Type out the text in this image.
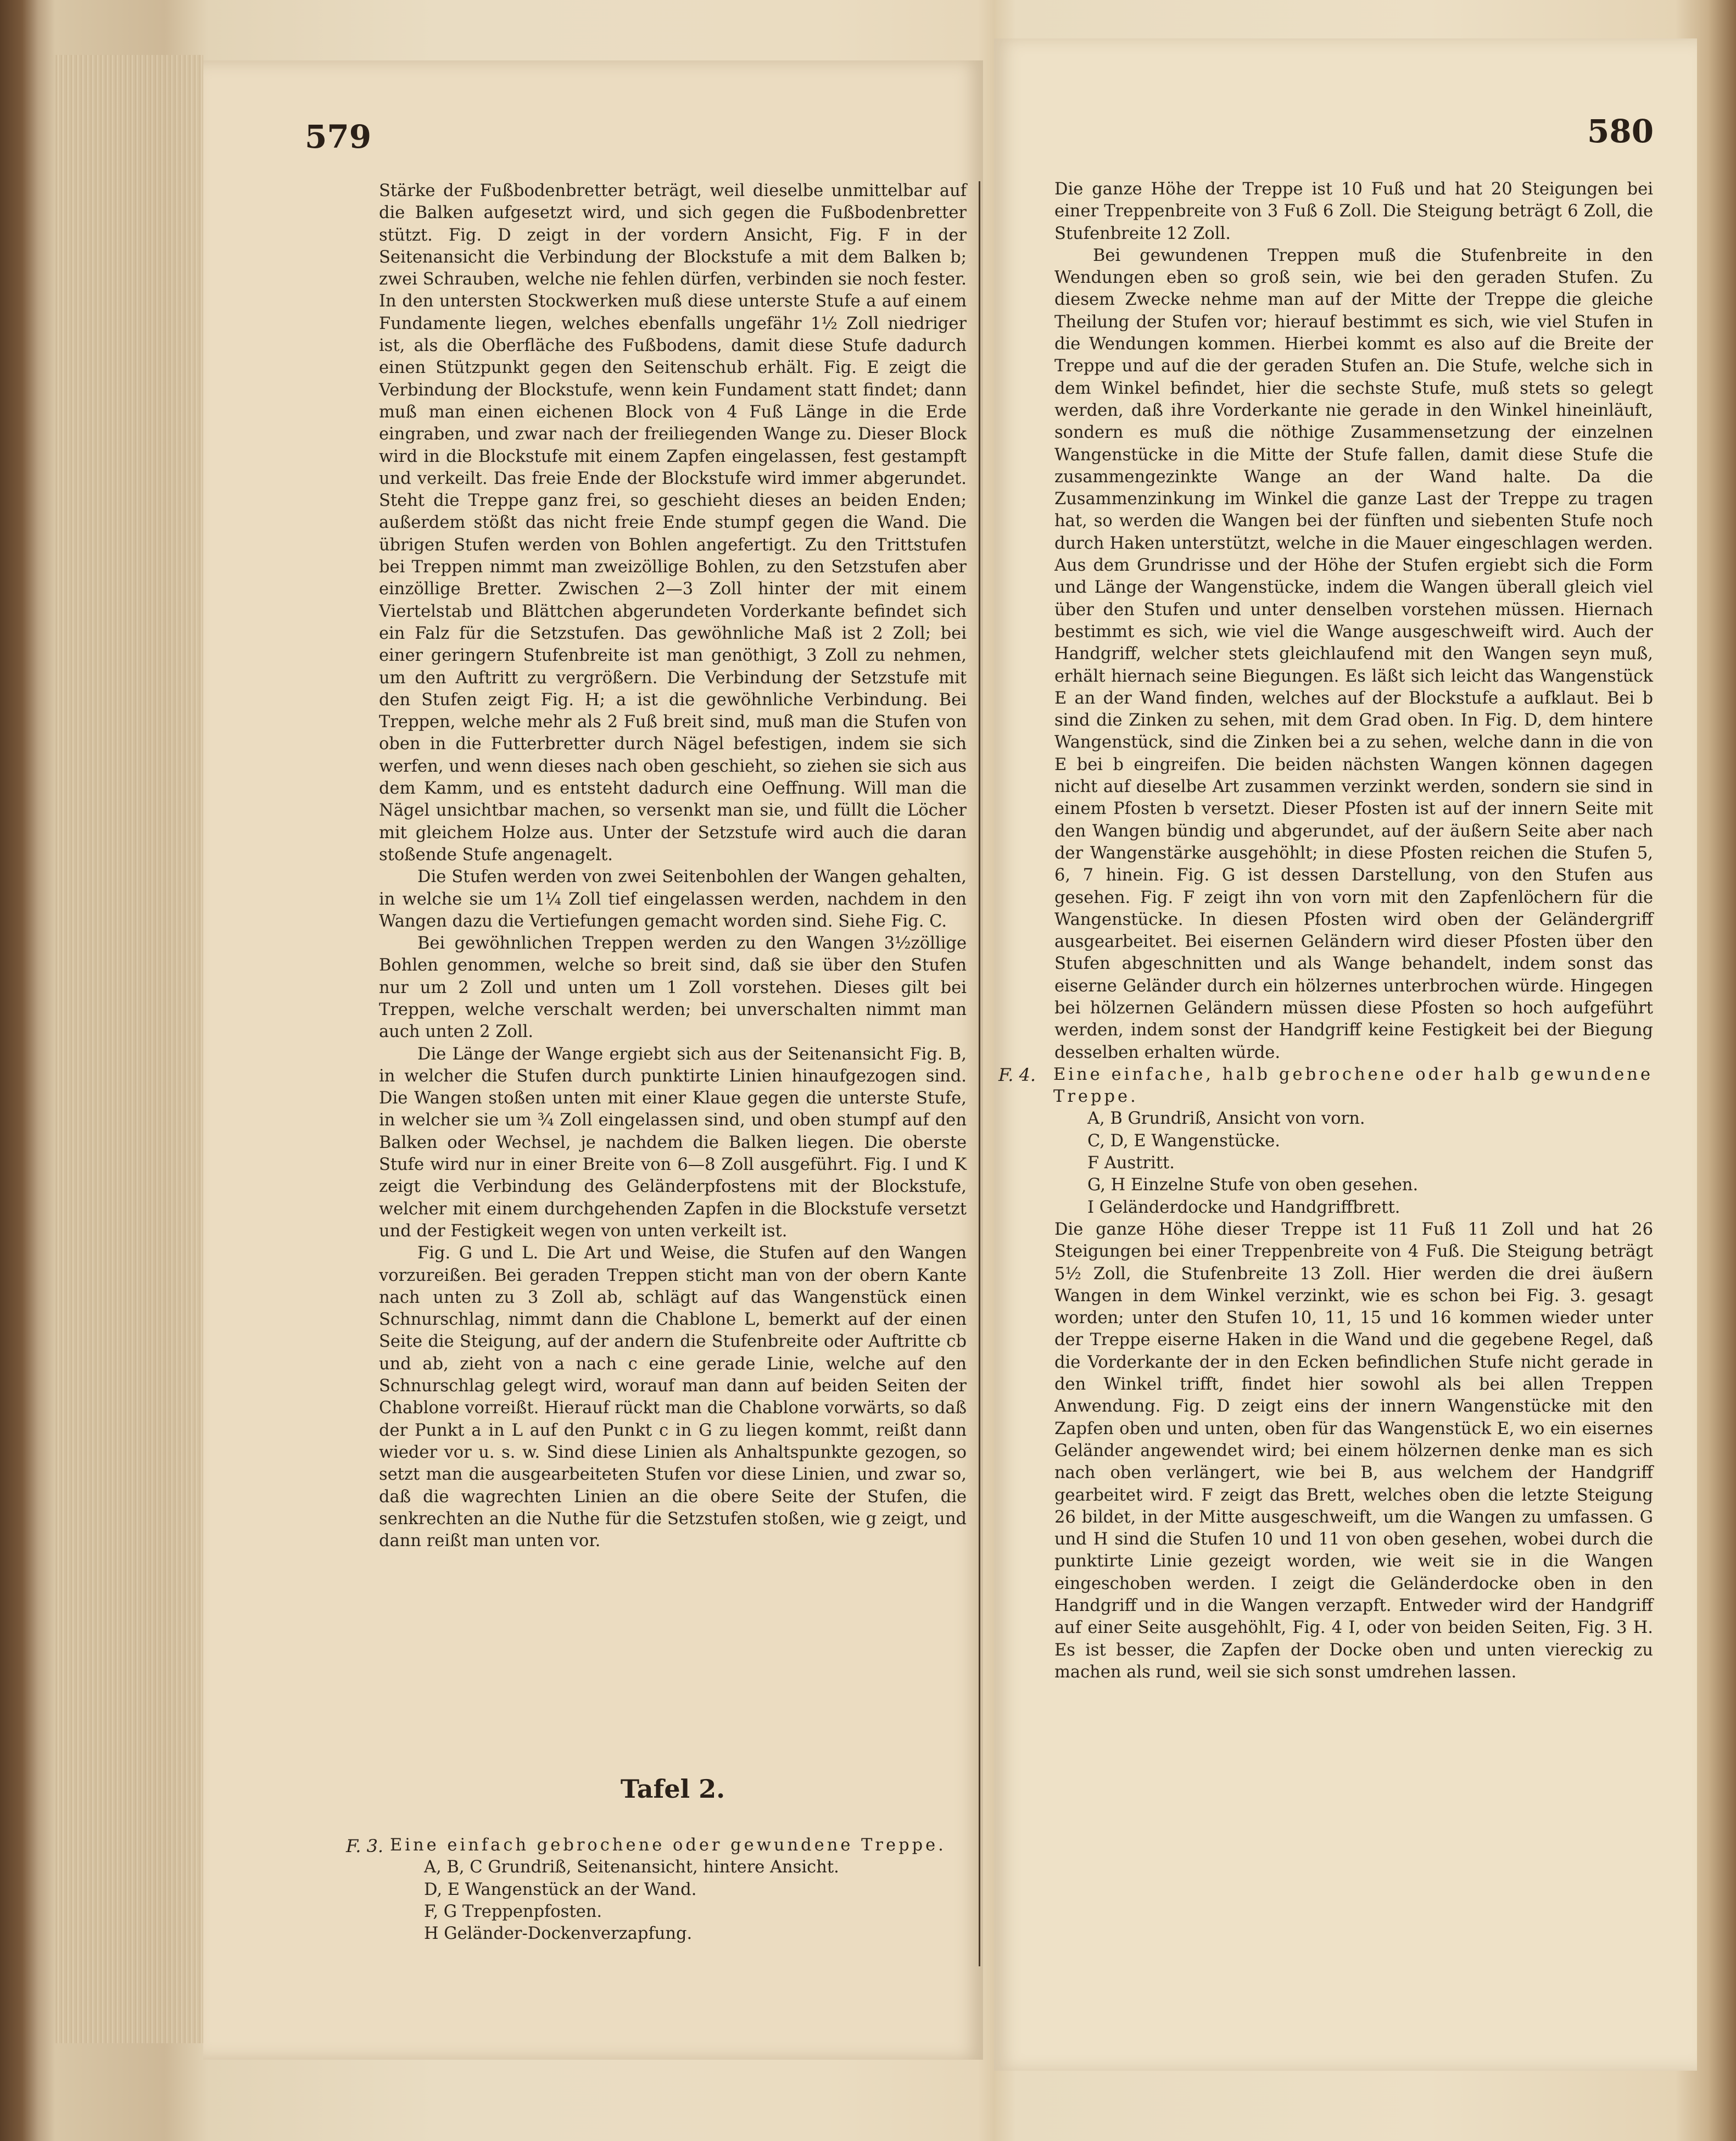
579	580

Stärke der Fußbodenbretter beträgt, weil dieselbe unmittelbar auf die Balken aufgesetzt wird, und sich gegen die Fußbodenbretter stützt. Fig. D zeigt in der vordern Ansicht, Fig. F in der Seitenansicht die Verbindung der Blockstufe a mit dem Balken b; zwei Schrauben, welche nie fehlen dürfen, verbinden sie noch fester. In den untersten Stockwerken muß diese unterste Stufe a auf einem Fundamente liegen, welches ebenfalls ungefähr 1½ Zoll niedriger ist, als die Oberfläche des Fußbodens, damit diese Stufe dadurch einen Stützpunkt gegen den Seitenschub erhält. Fig. E zeigt die Verbindung der Blockstufe, wenn kein Fundament statt findet; dann muß man einen eichenen Block von 4 Fuß Länge in die Erde eingraben, und zwar nach der freiliegenden Wange zu. Dieser Block wird in die Blockstufe mit einem Zapfen eingelassen, fest gestampft und verkeilt. Das freie Ende der Blockstufe wird immer abgerundet. Steht die Treppe ganz frei, so geschieht dieses an beiden Enden; außerdem stößt das nicht freie Ende stumpf gegen die Wand. Die übrigen Stufen werden von Bohlen angefertigt. Zu den Trittstufen bei Treppen nimmt man zweizöllige Bohlen, zu den Setzstufen aber einzöllige Bretter. Zwischen 2—3 Zoll hinter der mit einem Viertelstab und Blättchen abgerundeten Vorderkante befindet sich ein Falz für die Setzstufen. Das gewöhnliche Maß ist 2 Zoll; bei einer geringern Stufenbreite ist man genöthigt, 3 Zoll zu nehmen, um den Auftritt zu vergrößern. Die Verbindung der Setzstufe mit den Stufen zeigt Fig. H; a ist die gewöhnliche Verbindung. Bei Treppen, welche mehr als 2 Fuß breit sind, muß man die Stufen von oben in die Futterbretter durch Nägel befestigen, indem sie sich werfen, und wenn dieses nach oben geschieht, so ziehen sie sich aus dem Kamm, und es entsteht dadurch eine Oeffnung. Will man die Nägel unsichtbar machen, so versenkt man sie, und füllt die Löcher mit gleichem Holze aus. Unter der Setzstufe wird auch die daran stoßende Stufe angenagelt.

Die Stufen werden von zwei Seitenbohlen der Wangen gehalten, in welche sie um 1¼ Zoll tief eingelassen werden, nachdem in den Wangen dazu die Vertiefungen gemacht worden sind. Siehe Fig. C.

Bei gewöhnlichen Treppen werden zu den Wangen 3½zöllige Bohlen genommen, welche so breit sind, daß sie über den Stufen nur um 2 Zoll und unten um 1 Zoll vorstehen. Dieses gilt bei Treppen, welche verschalt werden; bei unverschalten nimmt man auch unten 2 Zoll.

Die Länge der Wange ergiebt sich aus der Seitenansicht Fig. B, in welcher die Stufen durch punktirte Linien hinaufgezogen sind. Die Wangen stoßen unten mit einer Klaue gegen die unterste Stufe, in welcher sie um ¾ Zoll eingelassen sind, und oben stumpf auf den Balken oder Wechsel, je nachdem die Balken liegen. Die oberste Stufe wird nur in einer Breite von 6—8 Zoll ausgeführt. Fig. I und K zeigt die Verbindung des Geländerpfostens mit der Blockstufe, welcher mit einem durchgehenden Zapfen in die Blockstufe versetzt und der Festigkeit wegen von unten verkeilt ist.

Fig. G und L. Die Art und Weise, die Stufen auf den Wangen vorzureißen. Bei geraden Treppen sticht man von der obern Kante nach unten zu 3 Zoll ab, schlägt auf das Wangenstück einen Schnurschlag, nimmt dann die Chablone L, bemerkt auf der einen Seite die Steigung, auf der andern die Stufenbreite oder Auftritte cb und ab, zieht von a nach c eine gerade Linie, welche auf den Schnurschlag gelegt wird, worauf man dann auf beiden Seiten der Chablone vorreißt. Hierauf rückt man die Chablone vorwärts, so daß der Punkt a in L auf den Punkt c in G zu liegen kommt, reißt dann wieder vor u. s. w. Sind diese Linien als Anhaltspunkte gezogen, so setzt man die ausgearbeiteten Stufen vor diese Linien, und zwar so, daß die wagrechten Linien an die obere Seite der Stufen, die senkrechten an die Nuthe für die Setzstufen stoßen, wie g zeigt, und dann reißt man unten vor.

Tafel 2.
F. 3. Eine einfach gebrochene oder gewundene Treppe.
A, B, C Grundriß, Seitenansicht, hintere Ansicht.
D, E Wangenstück an der Wand.
F, G Treppenpfosten.
H Geländer-Dockenverzapfung.

Die ganze Höhe der Treppe ist 10 Fuß und hat 20 Steigungen bei einer Treppenbreite von 3 Fuß 6 Zoll. Die Steigung beträgt 6 Zoll, die Stufenbreite 12 Zoll.

Bei gewundenen Treppen muß die Stufenbreite in den Wendungen eben so groß sein, wie bei den geraden Stufen. Zu diesem Zwecke nehme man auf der Mitte der Treppe die gleiche Theilung der Stufen vor; hierauf bestimmt es sich, wie viel Stufen in die Wendungen kommen. Hierbei kommt es also auf die Breite der Treppe und auf die der geraden Stufen an. Die Stufe, welche sich in dem Winkel befindet, hier die sechste Stufe, muß stets so gelegt werden, daß ihre Vorderkante nie gerade in den Winkel hineinläuft, sondern es muß die nöthige Zusammensetzung der einzelnen Wangenstücke in die Mitte der Stufe fallen, damit diese Stufe die zusammengezinkte Wange an der Wand halte. Da die Zusammenzinkung im Winkel die ganze Last der Treppe zu tragen hat, so werden die Wangen bei der fünften und siebenten Stufe noch durch Haken unterstützt, welche in die Mauer eingeschlagen werden. Aus dem Grundrisse und der Höhe der Stufen ergiebt sich die Form und Länge der Wangenstücke, indem die Wangen überall gleich viel über den Stufen und unter denselben vorstehen müssen. Hiernach bestimmt es sich, wie viel die Wange ausgeschweift wird. Auch der Handgriff, welcher stets gleichlaufend mit den Wangen seyn muß, erhält hiernach seine Biegungen. Es läßt sich leicht das Wangenstück E an der Wand finden, welches auf der Blockstufe a aufklaut. Bei b sind die Zinken zu sehen, mit dem Grad oben. In Fig. D, dem hintere Wangenstück, sind die Zinken bei a zu sehen, welche dann in die von E bei b eingreifen. Die beiden nächsten Wangen können dagegen nicht auf dieselbe Art zusammen verzinkt werden, sondern sie sind in einem Pfosten b versetzt. Dieser Pfosten ist auf der innern Seite mit den Wangen bündig und abgerundet, auf der äußern Seite aber nach der Wangenstärke ausgehöhlt; in diese Pfosten reichen die Stufen 5, 6, 7 hinein. Fig. G ist dessen Darstellung, von den Stufen aus gesehen. Fig. F zeigt ihn von vorn mit den Zapfenlöchern für die Wangenstücke. In diesen Pfosten wird oben der Geländergriff ausgearbeitet. Bei eisernen Geländern wird dieser Pfosten über den Stufen abgeschnitten und als Wange behandelt, indem sonst das eiserne Geländer durch ein hölzernes unterbrochen würde. Hingegen bei hölzernen Geländern müssen diese Pfosten so hoch aufgeführt werden, indem sonst der Handgriff keine Festigkeit bei der Biegung desselben erhalten würde.

F. 4. Eine einfache, halb gebrochene oder halb gewundene Treppe.
A, B Grundriß, Ansicht von vorn.
C, D, E Wangenstücke.
F Austritt.
G, H Einzelne Stufe von oben gesehen.
I Geländerdocke und Handgriffbrett.

Die ganze Höhe dieser Treppe ist 11 Fuß 11 Zoll und hat 26 Steigungen bei einer Treppenbreite von 4 Fuß. Die Steigung beträgt 5½ Zoll, die Stufenbreite 13 Zoll. Hier werden die drei äußern Wangen in dem Winkel verzinkt, wie es schon bei Fig. 3. gesagt worden; unter den Stufen 10, 11, 15 und 16 kommen wieder unter der Treppe eiserne Haken in die Wand und die gegebene Regel, daß die Vorderkante der in den Ecken befindlichen Stufe nicht gerade in den Winkel trifft, findet hier sowohl als bei allen Treppen Anwendung. Fig. D zeigt eins der innern Wangenstücke mit den Zapfen oben und unten, oben für das Wangenstück E, wo ein eisernes Geländer angewendet wird; bei einem hölzernen denke man es sich nach oben verlängert, wie bei B, aus welchem der Handgriff gearbeitet wird. F zeigt das Brett, welches oben die letzte Steigung 26 bildet, in der Mitte ausgeschweift, um die Wangen zu umfassen. G und H sind die Stufen 10 und 11 von oben gesehen, wobei durch die punktirte Linie gezeigt worden, wie weit sie in die Wangen eingeschoben werden. I zeigt die Geländerdocke oben in den Handgriff und in die Wangen verzapft. Entweder wird der Handgriff auf einer Seite ausgehöhlt, Fig. 4 I, oder von beiden Seiten, Fig. 3 H. Es ist besser, die Zapfen der Docke oben und unten viereckig zu machen als rund, weil sie sich sonst umdrehen lassen.
